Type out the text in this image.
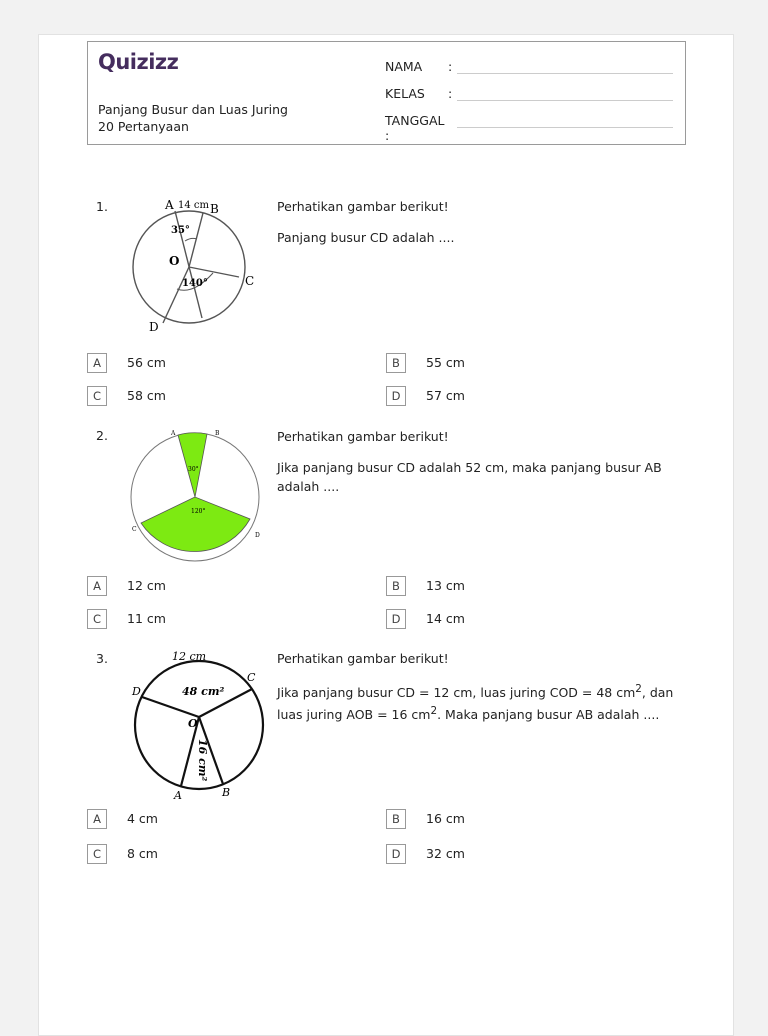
Quizizz
Panjang Busur dan Luas Juring
20 Pertanyaan
NAMA :
KELAS :
TANGGAL :
1.	A 14 cm B
35°
O
140°	C
D

Perhatikan gambar berikut!

Panjang busur CD adalah ....

A	56 cm	B	55 cm
C	58 cm	D	57 cm
2.	A	B
30°
120°
C
D

Perhatikan gambar berikut!

Jika panjang busur CD adalah 52 cm, maka panjang busur AB adalah ....

A	12 cm	B	13 cm
C	11 cm	D	14 cm
3.	12 cm
D	48 cm²
C
O
16 cm²
A	B

Perhatikan gambar berikut!

Jika panjang busur CD = 12 cm, luas juring COD = 48 $cm^2$, dan luas juring AOB = 16 $cm^2$. Maka panjang busur AB adalah ....

A	4 cm	B	16 cm
C	8 cm	D	32 cm
